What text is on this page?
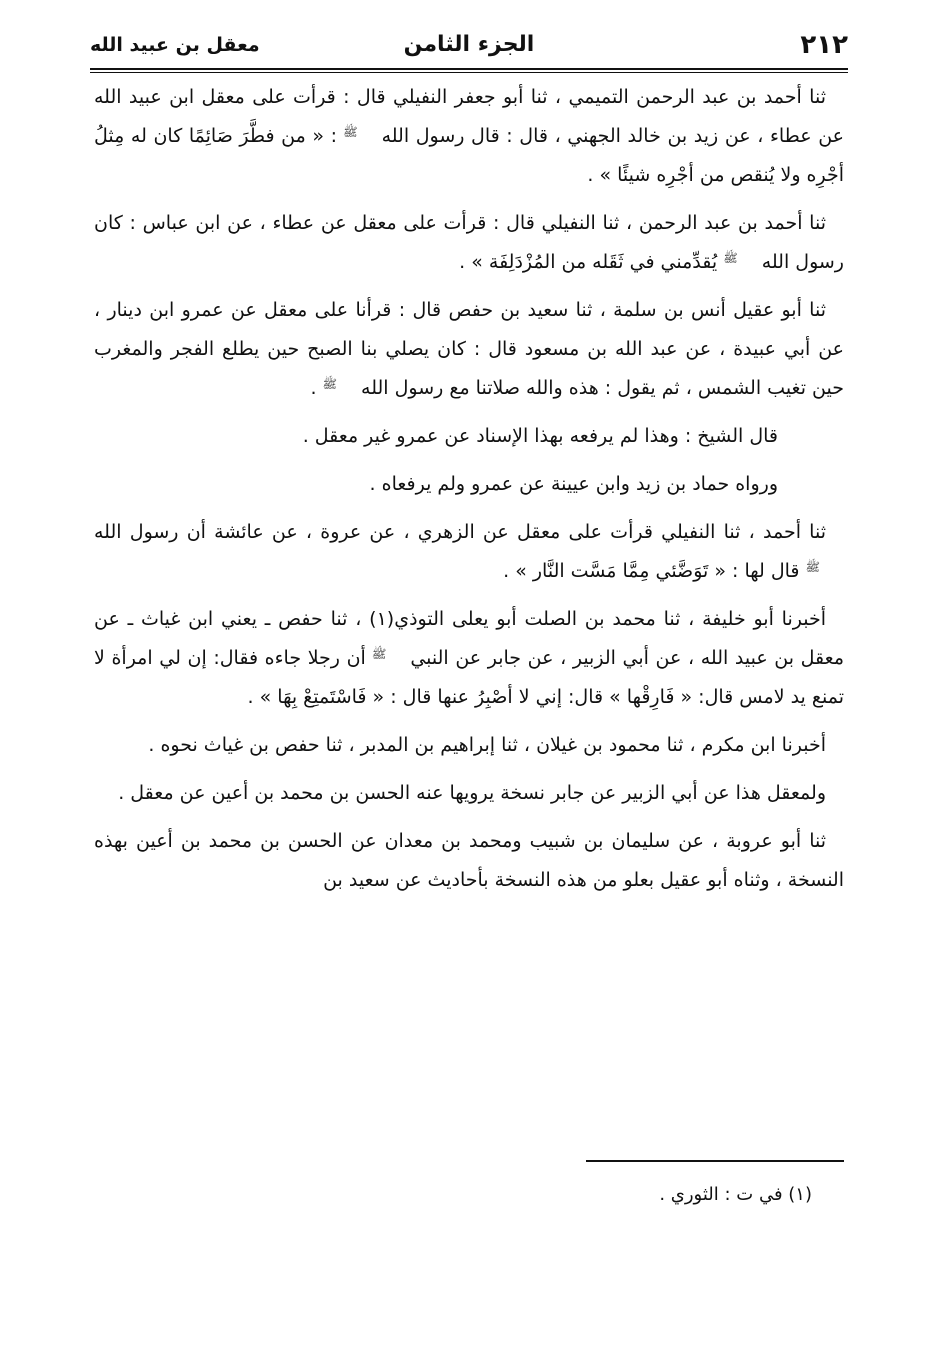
٢١٢
الجزء الثامن
معقل بن عبيد الله

ثنا أحمد بن عبد الرحمن التميمي ، ثنا أبو جعفر النفيلي قال : قرأت على معقل ابن عبيد الله عن عطاء ، عن زيد بن خالد الجهني ، قال : قال رسول اللهﷺ: « من فطَّرَ صَائِمًا كان له مِثلُ أجْرِه ولا يُنقص من أجْرِه شيئًا » .

ثنا أحمد بن عبد الرحمن ، ثنا النفيلي قال : قرأت على معقل عن عطاء ، عن ابن عباس : كان رسول اللهﷺيُقدِّمني في ثَقَله من المُزْدَلِفَة » .

ثنا أبو عقيل أنس بن سلمة ، ثنا سعيد بن حفص قال : قرأنا على معقل عن عمرو ابن دينار ، عن أبي عبيدة ، عن عبد الله بن مسعود قال : كان يصلي بنا الصبح حين يطلع الفجر والمغرب حين تغيب الشمس ، ثم يقول : هذه والله صلاتنا مع رسول اللهﷺ.

قال الشيخ : وهذا لم يرفعه بهذا الإسناد عن عمرو غير معقل .

ورواه حماد بن زيد وابن عيينة عن عمرو ولم يرفعاه .

ثنا أحمد ، ثنا النفيلي قرأت على معقل عن الزهري ، عن عروة ، عن عائشة أن رسول اللهﷺقال لها : « تَوَضَّئي مِمَّا مَسَّت النَّار » .

أخبرنا أبو خليفة ، ثنا محمد بن الصلت أبو يعلى التوذي(١) ، ثنا حفص ـ يعني ابن غياث ـ عن معقل بن عبيد الله ، عن أبي الزبير ، عن جابر عن النبيﷺأن رجلا جاءه فقال: إن لي امرأة لا تمنع يد لامس قال: « فَارِقْها » قال: إني لا أصْبِرُ عنها قال : « فَاسْتَمتِعْ بِهَا » .

أخبرنا ابن مكرم ، ثنا محمود بن غيلان ، ثنا إبراهيم بن المدبر ، ثنا حفص بن غياث نحوه .

ولمعقل هذا عن أبي الزبير عن جابر نسخة يرويها عنه الحسن بن محمد بن أعين عن معقل .

ثنا أبو عروبة ، عن سليمان بن شبيب ومحمد بن معدان عن الحسن بن محمد بن أعين بهذه النسخة ، وثناه أبو عقيل بعلو من هذه النسخة بأحاديث عن سعيد بن

(١) في ت : الثوري .
